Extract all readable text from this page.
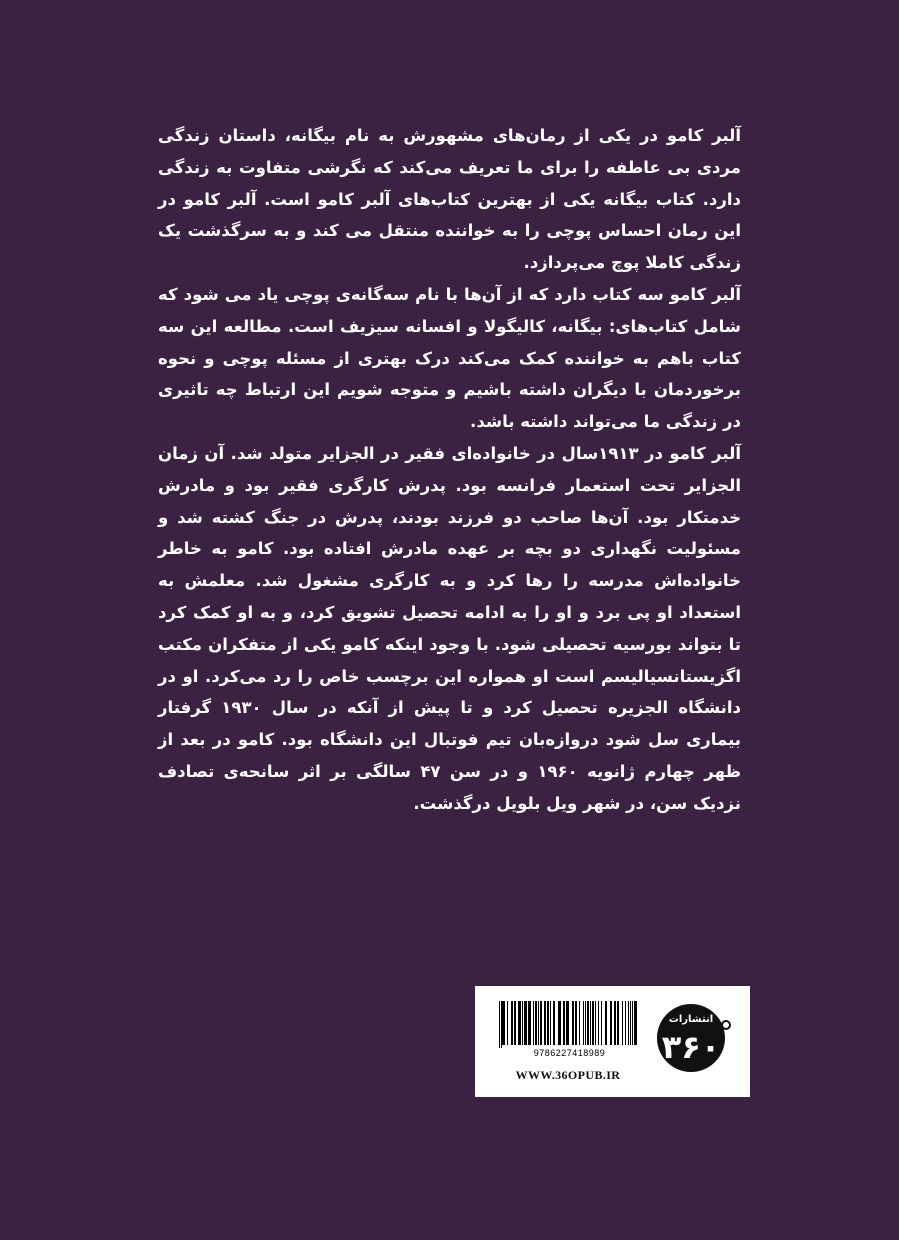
آلبر کامو در یکی از رمان‌های مشهورش به نام بیگانه، داستان زندگی مردی بی عاطفه را برای ما تعریف می‌کند که نگرشی متفاوت به زندگی دارد. کتاب بیگانه یکی از بهترین کتاب‌های آلبر کامو است. آلبر کامو در این رمان احساس پوچی را به خواننده منتقل می کند و به سرگذشت یک زندگی کاملا پوچ می‌پردازد.

آلبر کامو سه کتاب دارد که از آن‌ها با نام سه‌گانه‌ی پوچی یاد می شود که شامل کتاب‌های: بیگانه، کالیگولا و افسانه سیزیف است. مطالعه این سه کتاب باهم به خواننده کمک می‌کند درک بهتری از مسئله پوچی و نحوه برخوردمان با دیگران داشته باشیم و متوجه شویم این ارتباط چه تاثیری در زندگی ما می‌تواند داشته باشد.

آلبر کامو در ۱۹۱۳سال در خانواده‌ای فقیر در الجزایر متولد شد. آن زمان الجزایر تحت استعمار فرانسه بود. پدرش کارگری فقیر بود و مادرش خدمتکار بود. آن‌ها صاحب دو فرزند بودند، پدرش در جنگ کشته شد و مسئولیت نگهداری دو بچه بر عهده مادرش افتاده بود. کامو به خاطر خانواده‌اش مدرسه را رها کرد و به کارگری مشغول شد. معلمش به استعداد او پی برد و او را به ادامه تحصیل تشویق کرد، و به او کمک کرد تا بتواند بورسیه تحصیلی شود. با وجود اینکه کامو یکی از متفکران مکتب اگزیستانسیالیسم است او همواره این برچسب خاص را رد می‌کرد. او در دانشگاه الجزیره تحصیل کرد و تا پیش از آنکه در سال ۱۹۳۰ گرفتار بیماری سل شود دروازه‌بان تیم فوتبال این دانشگاه بود. کامو در بعد از ظهر چهارم ژانویه ۱۹۶۰ و در سن ۴۷ سالگی بر اثر سانحه‌ی تصادف نزدیک سن، در شهر ویل بلویل درگذشت.

9786227418989
WWW.36OPUB.IR
انتشارات
۳۶۰
